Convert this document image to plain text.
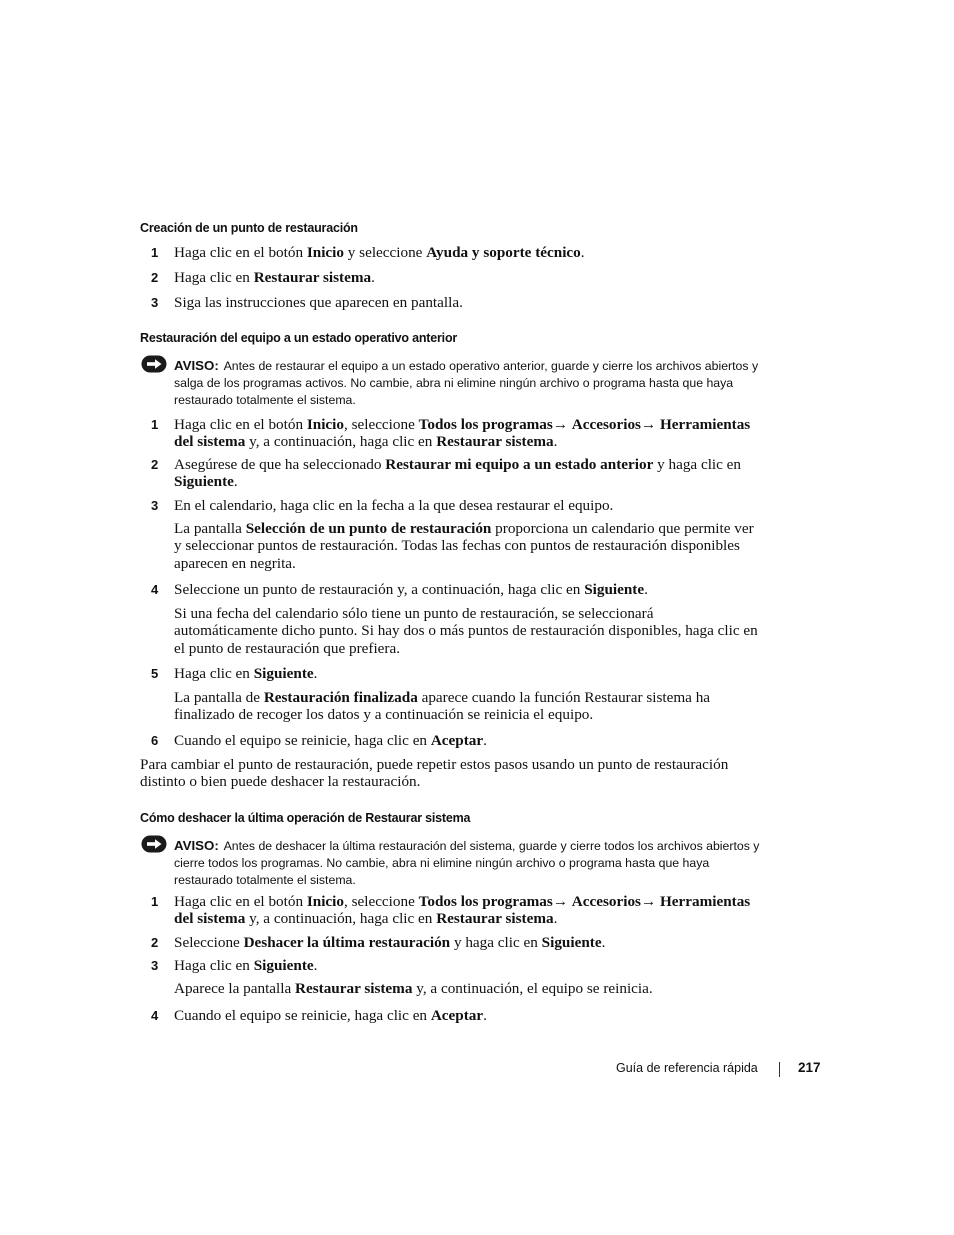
Creación de un punto de restauración
1 Haga clic en el botón Inicio y seleccione Ayuda y soporte técnico.
2 Haga clic en Restaurar sistema.
3 Siga las instrucciones que aparecen en pantalla.
Restauración del equipo a un estado operativo anterior
AVISO: Antes de restaurar el equipo a un estado operativo anterior, guarde y cierre los archivos abiertos y salga de los programas activos. No cambie, abra ni elimine ningún archivo o programa hasta que haya restaurado totalmente el sistema.
1 Haga clic en el botón Inicio, seleccione Todos los programas→ Accesorios→ Herramientas del sistema y, a continuación, haga clic en Restaurar sistema.
2 Asegúrese de que ha seleccionado Restaurar mi equipo a un estado anterior y haga clic en Siguiente.
3 En el calendario, haga clic en la fecha a la que desea restaurar el equipo.
La pantalla Selección de un punto de restauración proporciona un calendario que permite ver y seleccionar puntos de restauración. Todas las fechas con puntos de restauración disponibles aparecen en negrita.
4 Seleccione un punto de restauración y, a continuación, haga clic en Siguiente.
Si una fecha del calendario sólo tiene un punto de restauración, se seleccionará automáticamente dicho punto. Si hay dos o más puntos de restauración disponibles, haga clic en el punto de restauración que prefiera.
5 Haga clic en Siguiente.
La pantalla de Restauración finalizada aparece cuando la función Restaurar sistema ha finalizado de recoger los datos y a continuación se reinicia el equipo.
6 Cuando el equipo se reinicie, haga clic en Aceptar.
Para cambiar el punto de restauración, puede repetir estos pasos usando un punto de restauración distinto o bien puede deshacer la restauración.
Cómo deshacer la última operación de Restaurar sistema
AVISO: Antes de deshacer la última restauración del sistema, guarde y cierre todos los archivos abiertos y cierre todos los programas. No cambie, abra ni elimine ningún archivo o programa hasta que haya restaurado totalmente el sistema.
1 Haga clic en el botón Inicio, seleccione Todos los programas→ Accesorios→ Herramientas del sistema y, a continuación, haga clic en Restaurar sistema.
2 Seleccione Deshacer la última restauración y haga clic en Siguiente.
3 Haga clic en Siguiente.
Aparece la pantalla Restaurar sistema y, a continuación, el equipo se reinicia.
4 Cuando el equipo se reinicie, haga clic en Aceptar.
Guía de referencia rápida	217
